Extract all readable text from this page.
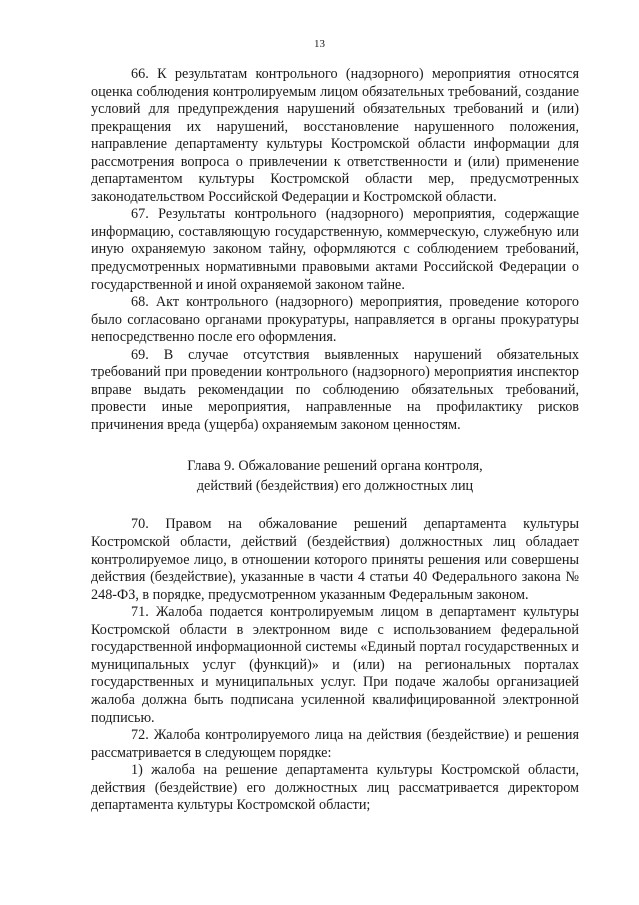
13

66. К результатам контрольного (надзорного) мероприятия относятся оценка соблюдения контролируемым лицом обязательных требований, создание условий для предупреждения нарушений обязательных требований и (или) прекращения их нарушений, восстановление нарушенного положения, направление департаменту культуры Костромской области информации для рассмотрения вопроса о привлечении к ответственности и (или) применение департаментом культуры Костромской области мер, предусмотренных законодательством Российской Федерации и Костромской области.

67. Результаты контрольного (надзорного) мероприятия, содержащие информацию, составляющую государственную, коммерческую, служебную или иную охраняемую законом тайну, оформляются с соблюдением требований, предусмотренных нормативными правовыми актами Российской Федерации о государственной и иной охраняемой законом тайне.

68. Акт контрольного (надзорного) мероприятия, проведение которого было согласовано органами прокуратуры, направляется в органы прокуратуры непосредственно после его оформления.

69. В случае отсутствия выявленных нарушений обязательных требований при проведении контрольного (надзорного) мероприятия инспектор вправе выдать рекомендации по соблюдению обязательных требований, провести иные мероприятия, направленные на профилактику рисков причинения вреда (ущерба) охраняемым законом ценностям.

Глава 9. Обжалование решений органа контроля,
действий (бездействия) его должностных лиц

70. Правом на обжалование решений департамента культуры Костромской области, действий (бездействия) должностных лиц обладает контролируемое лицо, в отношении которого приняты решения или совершены действия (бездействие), указанные в части 4 статьи 40 Федерального закона № 248-ФЗ, в порядке, предусмотренном указанным Федеральным законом.

71. Жалоба подается контролируемым лицом в департамент культуры Костромской области в электронном виде с использованием федеральной государственной информационной системы «Единый портал государственных и муниципальных услуг (функций)» и (или) на региональных порталах государственных и муниципальных услуг. При подаче жалобы организацией жалоба должна быть подписана усиленной квалифицированной электронной подписью.

72. Жалоба контролируемого лица на действия (бездействие) и решения рассматривается в следующем порядке:

1) жалоба на решение департамента культуры Костромской области, действия (бездействие) его должностных лиц рассматривается директором департамента культуры Костромской области;
